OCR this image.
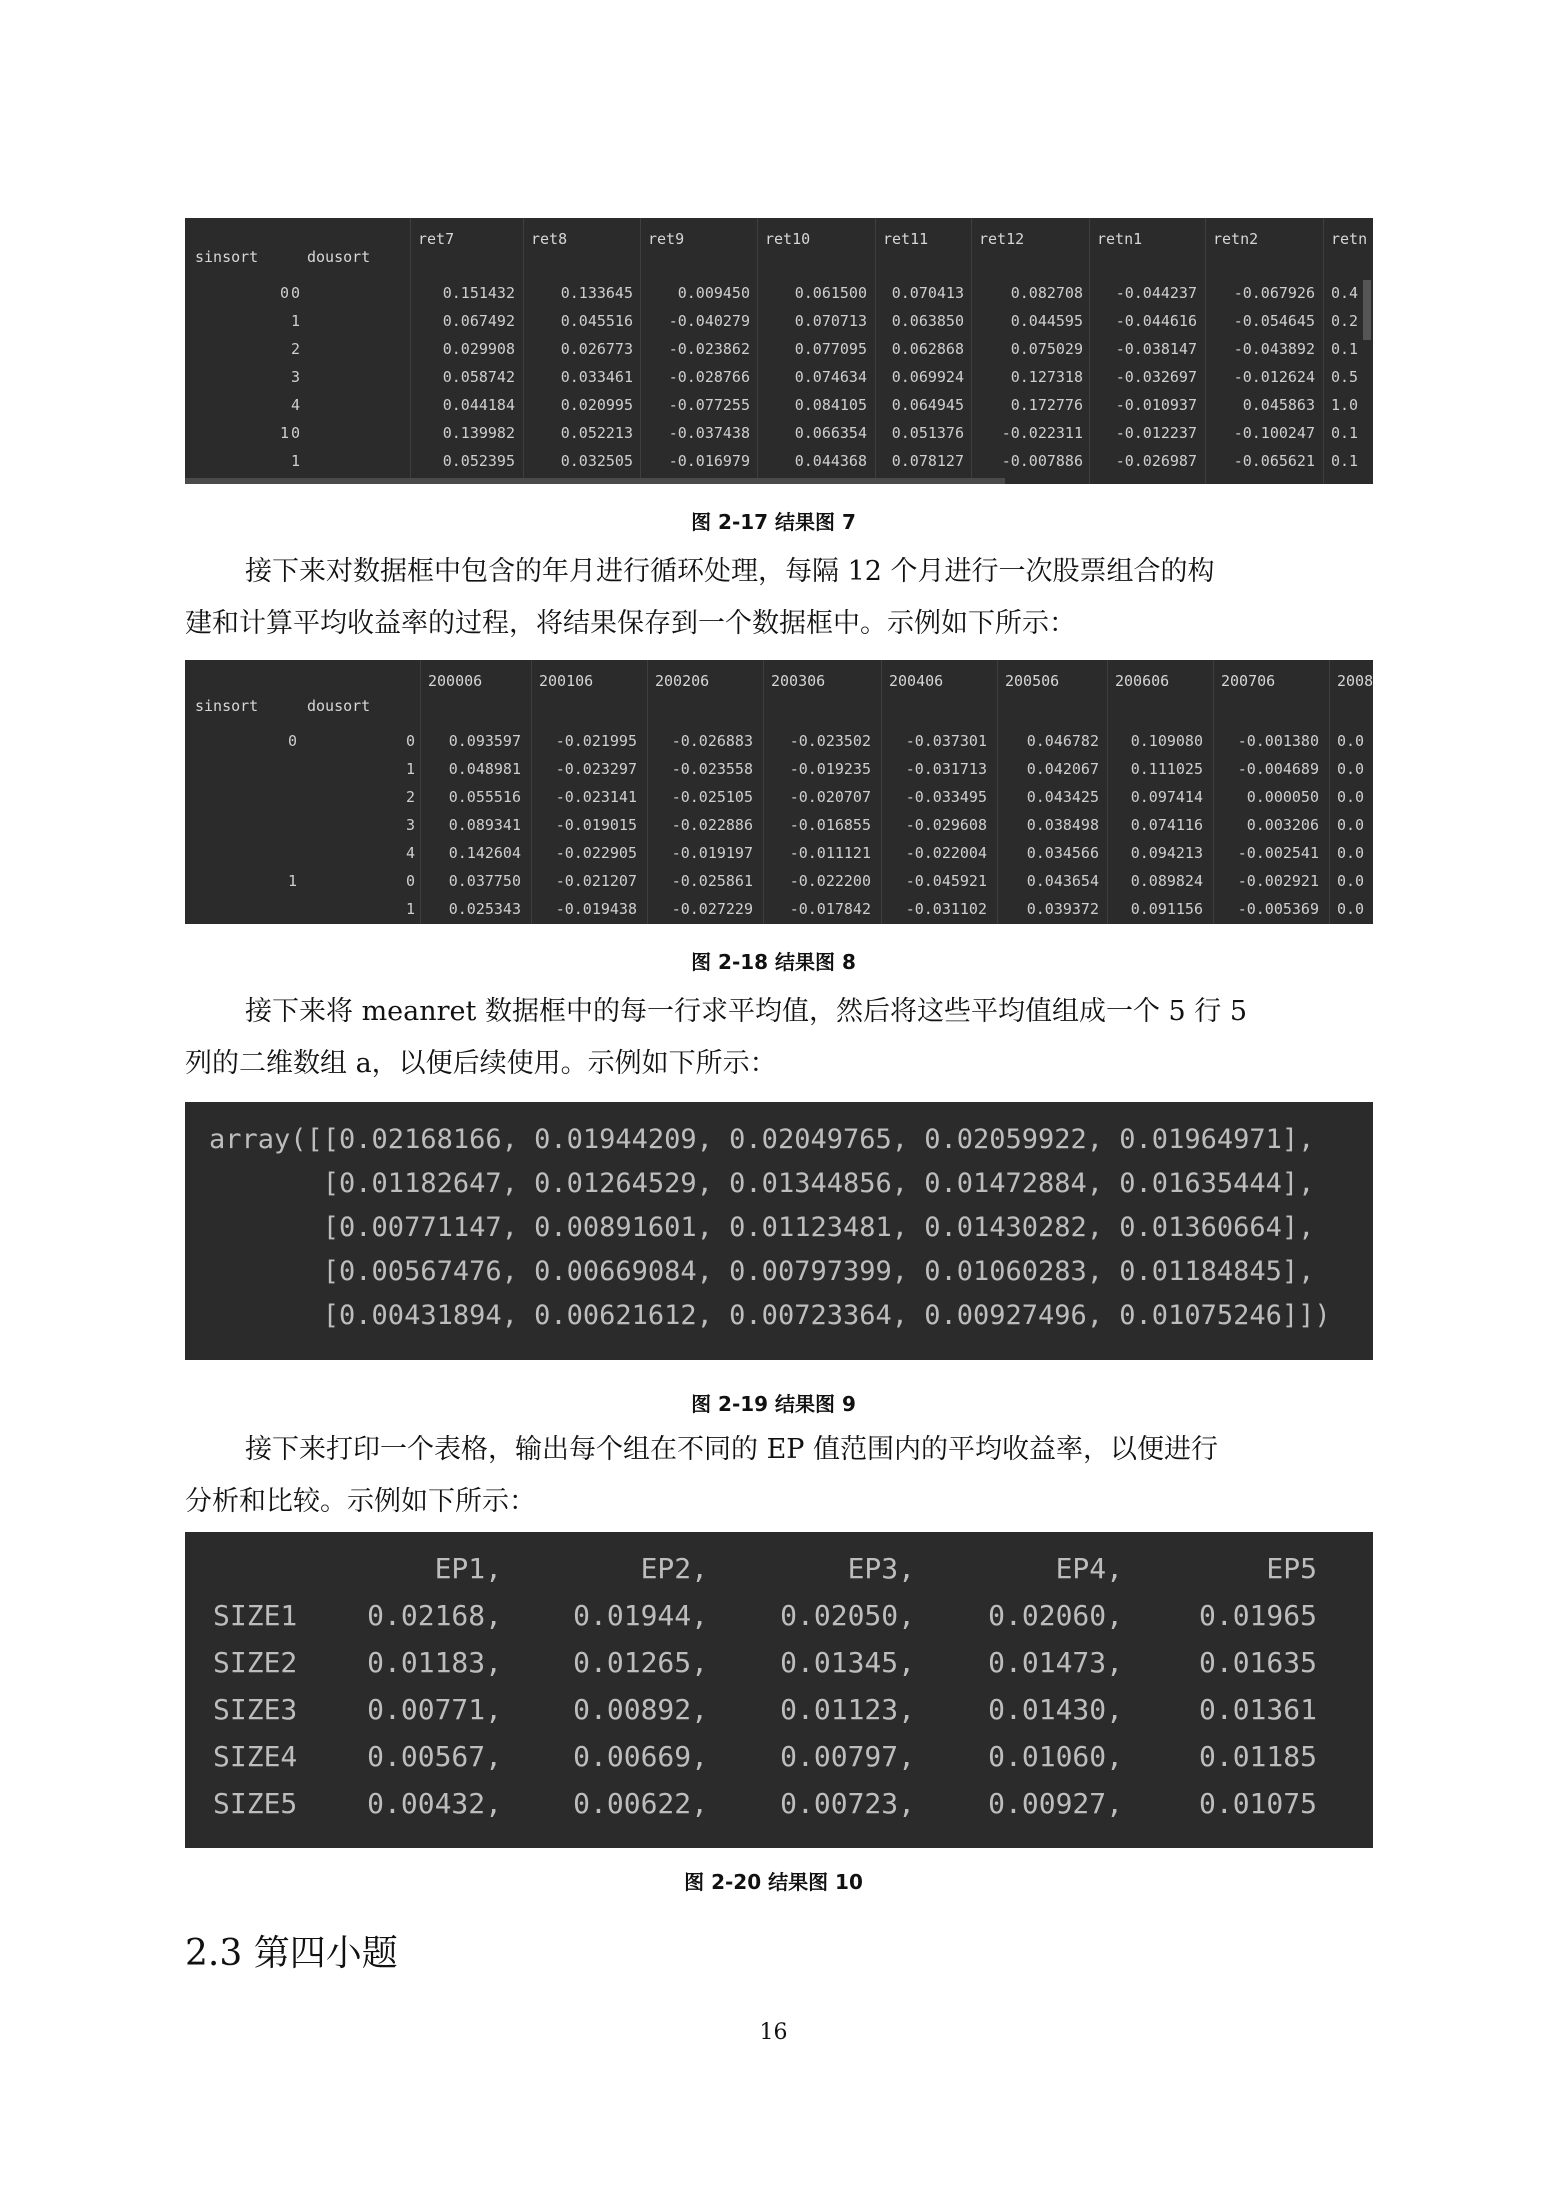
ret7	ret8	ret9	ret10	ret11	ret12	retn1	retn2	retn
sinsort	dousort
0 0	0.151432	0.133645	0.009450	0.061500 0.070413	0.082708 -0.044237 -0.067926 0.4
1	0.067492	0.045516 -0.040279	0.070713 0.063850	0.044595 -0.044616 -0.054645 0.2
2	0.029908	0.026773 -0.023862	0.077095 0.062868	0.075029 -0.038147 -0.043892 0.1
3	0.058742	0.033461 -0.028766	0.074634 0.069924	0.127318 -0.032697 -0.012624 0.5
4	0.044184	0.020995 -0.077255	0.084105 0.064945	0.172776 -0.010937	0.045863 1.0
1 0	0.139982	0.052213 -0.037438	0.066354 0.051376	-0.022311 -0.012237 -0.100247 0.1
1	0.052395	0.032505 -0.016979	0.044368 0.078127	-0.007886 -0.026987 -0.065621 0.1
图 2-17 结果图 7
接下来对数据框中包含的年月进行循环处理，每隔 12 个月进行一次股票组合的构
建和计算平均收益率的过程，将结果保存到一个数据框中。示例如下所示：
200006	200106	200206	200306	200406	200506	200606	200706	2008
sinsort	dousort
0	0 0.093597 -0.021995 -0.026883 -0.023502 -0.037301	0.046782 0.109080 -0.001380 0.0
1 0.048981 -0.023297 -0.023558 -0.019235 -0.031713	0.042067 0.111025 -0.004689 0.0
2 0.055516 -0.023141 -0.025105 -0.020707 -0.033495	0.043425 0.097414	0.000050 0.0
3 0.089341 -0.019015 -0.022886 -0.016855 -0.029608	0.038498 0.074116	0.003206 0.0
4 0.142604 -0.022905 -0.019197 -0.011121 -0.022004	0.034566 0.094213 -0.002541 0.0
1	0 0.037750 -0.021207 -0.025861 -0.022200 -0.045921	0.043654 0.089824 -0.002921 0.0
1 0.025343 -0.019438 -0.027229 -0.017842 -0.031102	0.039372 0.091156 -0.005369 0.0
图 2-18 结果图 8
接下来将 meanret 数据框中的每一行求平均值，然后将这些平均值组成一个 5 行 5
列的二维数组 a，以便后续使用。示例如下所示：
array([[0.02168166, 0.01944209, 0.02049765, 0.02059922, 0.01964971],
[0.01182647, 0.01264529, 0.01344856, 0.01472884, 0.01635444],
[0.00771147, 0.00891601, 0.01123481, 0.01430282, 0.01360664],
[0.00567476, 0.00669084, 0.00797399, 0.01060283, 0.01184845],
[0.00431894, 0.00621612, 0.00723364, 0.00927496, 0.01075246]])
图 2-19 结果图 9
接下来打印一个表格，输出每个组在不同的 EP 值范围内的平均收益率，以便进行
分析和比较。示例如下所示：
EP1,	EP2,	EP3,	EP4,	EP5
SIZE1 0.02168,	0.01944,	0.02050,	0.02060,	0.01965
SIZE2 0.01183,	0.01265,	0.01345,	0.01473,	0.01635
SIZE3 0.00771,	0.00892,	0.01123,	0.01430,	0.01361
SIZE4 0.00567,	0.00669,	0.00797,	0.01060,	0.01185
SIZE5 0.00432,	0.00622,	0.00723,	0.00927,	0.01075
图 2-20 结果图 10
2.3 第四小题
16
